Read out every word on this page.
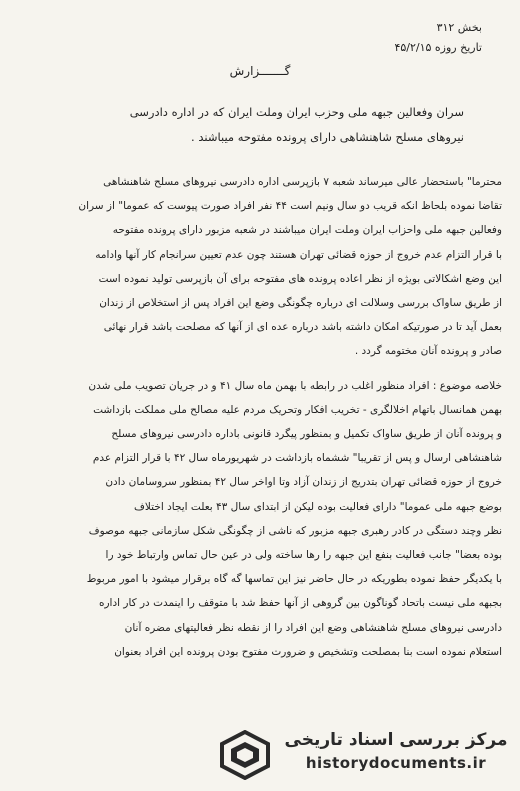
بخش ۳۱۲
تاریخ روزه ۴۵/۲/۱۵
گـــــــزارش
سران وفعالین جبهه ملی وحزب ایران وملت ایران که در اداره دادرسی
نیروهای مسلح شاهنشاهی دارای پرونده مفتوحه میباشند .
محترما" باستحضار عالی میرساند شعبه ۷ بازپرسی اداره دادرسی نیروهای مسلح شاهنشاهی
تقاضا نموده بلحاظ انکه قریب دو سال ونیم است ۴۴ نفر افراد صورت پیوست که عموما" از سران
وفعالین جبهه ملی واحزاب ایران وملت ایران میباشند در شعبه مزبور دارای پرونده مفتوحه
با قرار التزام عدم خروج از حوزه قضائی تهران هستند چون عدم تعیین سرانجام کار آنها وادامه
این وضع اشکالاتی بویژه از نظر اعاده پرونده های مفتوحه برای آن بازپرسی تولید نموده است
از طریق ساواک بررسی وسلالت ای درباره چگونگی وضع این افراد پس از استخلاص از زندان
بعمل آید تا در صورتیکه امکان داشته باشد درباره عده ای از آنها که مصلحت باشد قرار نهائی
صادر و پرونده آنان مختومه گردد .
خلاصه موضوع : افراد منظور اغلب در رابطه با بهمن ماه سال ۴۱ و در جریان تصویب ملی شدن
بهمن همانسال باتهام اخلالگری - تخریب افکار وتحریک مردم علیه مصالح ملی مملکت بازداشت
و پرونده آنان از طریق ساواک تکمیل و بمنظور پیگرد قانونی باداره دادرسی نیروهای مسلح
شاهنشاهی ارسال و پس از تقریبا" ششماه بازداشت در شهریورماه سال ۴۲ با قرار التزام عدم
خروج از حوزه قضائی تهران بتدریج از زندان آزاد وتا اواخر سال ۴۲ بمنظور سروسامان دادن
بوضع جبهه ملی عموما" دارای فعالیت بوده لیکن از ابتدای سال ۴۳ بعلت ایجاد اختلاف
نظر وچند دستگی در کادر رهبری جبهه مزبور که ناشی از چگونگی شکل سازمانی جبهه موصوف
بوده بعضا" جانب فعالیت بنفع این جبهه را رها ساخته ولی در عین حال تماس وارتباط خود را
با یکدیگر حفظ نموده بطوریکه در حال حاضر نیز این تماسها گه گاه برقرار میشود با امور مربوط
بجبهه ملی نیست باتحاد گوناگون بین گروهی از آنها حفظ شد با متوقف را اینمدت در کار اداره
دادرسی نیروهای مسلح شاهنشاهی وضع این افراد را از نقطه نظر فعالیتهای مضره آنان
استعلام نموده است بنا بمصلحت وتشخیص و ضرورت مفتوح بودن پرونده این افراد بعنوان
مرکز بررسی اسناد تاریخی
historydocuments.ir
